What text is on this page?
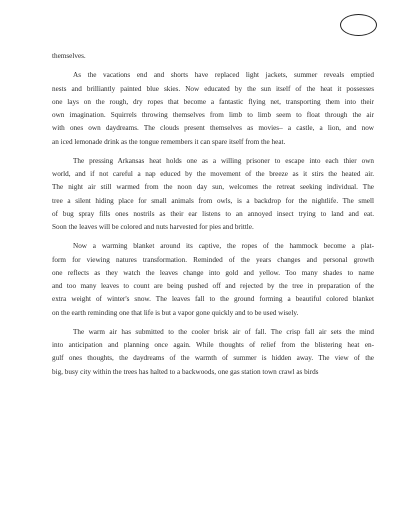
themselves.

As the vacations end and shorts have replaced light jackets, summer reveals emptied
nests and brilliantly painted blue skies. Now educated by the sun itself of the heat it possesses
one lays on the rough, dry ropes that become a fantastic flying net, transporting them into their
own imagination. Squirrels throwing themselves from limb to limb seem to float through the air
with ones own daydreams. The clouds present themselves as movies– a castle, a lion, and now
an iced lemonade drink as the tongue remembers it can spare itself from the heat.

The pressing Arkansas heat holds one as a willing prisoner to escape into each thier own
world, and if not careful a nap educed by the movement of the breeze as it stirs the heated air.
The night air still warmed from the noon day sun, welcomes the retreat seeking individual. The
tree a silent hiding place for small animals from owls, is a backdrop for the nightlife. The smell
of bug spray fills ones nostrils as their ear listens to an annoyed insect trying to land and eat.
Soon the leaves will be colored and nuts harvested for pies and brittle.

Now a warming blanket around its captive, the ropes of the hammock become a plat-
form for viewing natures transformation. Reminded of the years changes and personal growth
one reflects as they watch the leaves change into gold and yellow. Too many shades to name
and too many leaves to count are being pushed off and rejected by the tree in preparation of the
extra weight of winter's snow. The leaves fall to the ground forming a beautiful colored blanket
on the earth reminding one that life is but a vapor gone quickly and to be used wisely.

The warm air has submitted to the cooler brisk air of fall. The crisp fall air sets the mind
into anticipation and planning once again. While thoughts of relief from the blistering heat en-
gulf ones thoughts, the daydreams of the warmth of summer is hidden away. The view of the
big, busy city within the trees has halted to a backwoods, one gas station town crawl as birds
